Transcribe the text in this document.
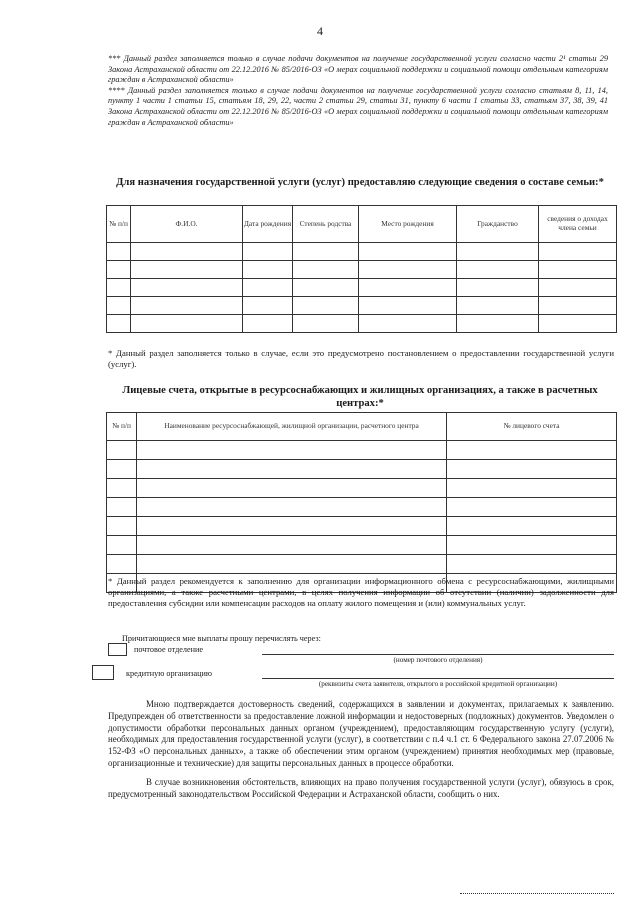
4

*** Данный раздел заполняется только в случае подачи документов на получение государственной услуги согласно части 2¹ статьи 29 Закона Астраханской области от 22.12.2016 № 85/2016-ОЗ «О мерах социальной поддержки и социальной помощи отдельным категориям граждан в Астраханской области»

**** Данный раздел заполняется только в случае подачи документов на получение государственной услуги согласно статьям 8, 11, 14, пункту 1 части 1 статьи 15, статьям 18, 29, 22, части 2 статьи 29, статьи 31, пункту 6 части 1 статьи 33, статьям 37, 38, 39, 41 Закона Астраханской области от 22.12.2016 № 85/2016-ОЗ «О мерах социальной поддержки и социальной помощи отдельным категориям граждан в Астраханской области»

Для назначения государственной услуги (услуг) предоставляю следующие сведения о составе семьи:*
№ п/п	Ф.И.О.	Дата рождения	Степень родства	Место рождения	Гражданство	сведения о доходах члена семьи

* Данный раздел заполняется только в случае, если это предусмотрено постановлением о предоставлении государственной услуги (услуг).

Лицевые счета, открытые в ресурсоснабжающих и жилищных организациях, а также в расчетных центрах:*
№ п/п	Наименование ресурсоснабжающей, жилищной организации, расчетного центра	№ лицевого счета

* Данный раздел рекомендуется к заполнению для организации информационного обмена с ресурсоснабжающими, жилищными организациями, а также расчетными центрами, в целях получения информации об отсутствии (наличии) задолженности для предоставления субсидии или компенсации расходов на оплату жилого помещения и (или) коммунальных услуг.

Причитающиеся мне выплаты прошу перечислять через:
почтовое отделение
(номер почтового отделения)
кредитную организацию
(реквизиты счета заявителя, открытого в российской кредитной организации)

Мною подтверждается достоверность сведений, содержащихся в заявлении и документах, прилагаемых к заявлению. Предупрежден об ответственности за предоставление ложной информации и недостоверных (подложных) документов. Уведомлен о допустимости обработки персональных данных органом (учреждением), предоставляющим государственную услугу (услуги), необходимых для предоставления государственной услуги (услуг), в соответствии с п.4 ч.1 ст. 6 Федерального закона 27.07.2006 № 152-ФЗ «О персональных данных», а также об обеспечении этим органом (учреждением) принятия необходимых мер (правовые, организационные и технические) для защиты персональных данных в процессе обработки.

В случае возникновения обстоятельств, влияющих на право получения государственной услуги (услуг), обязуюсь в срок, предусмотренный законодательством Российской Федерации и Астраханской области, сообщить о них.
